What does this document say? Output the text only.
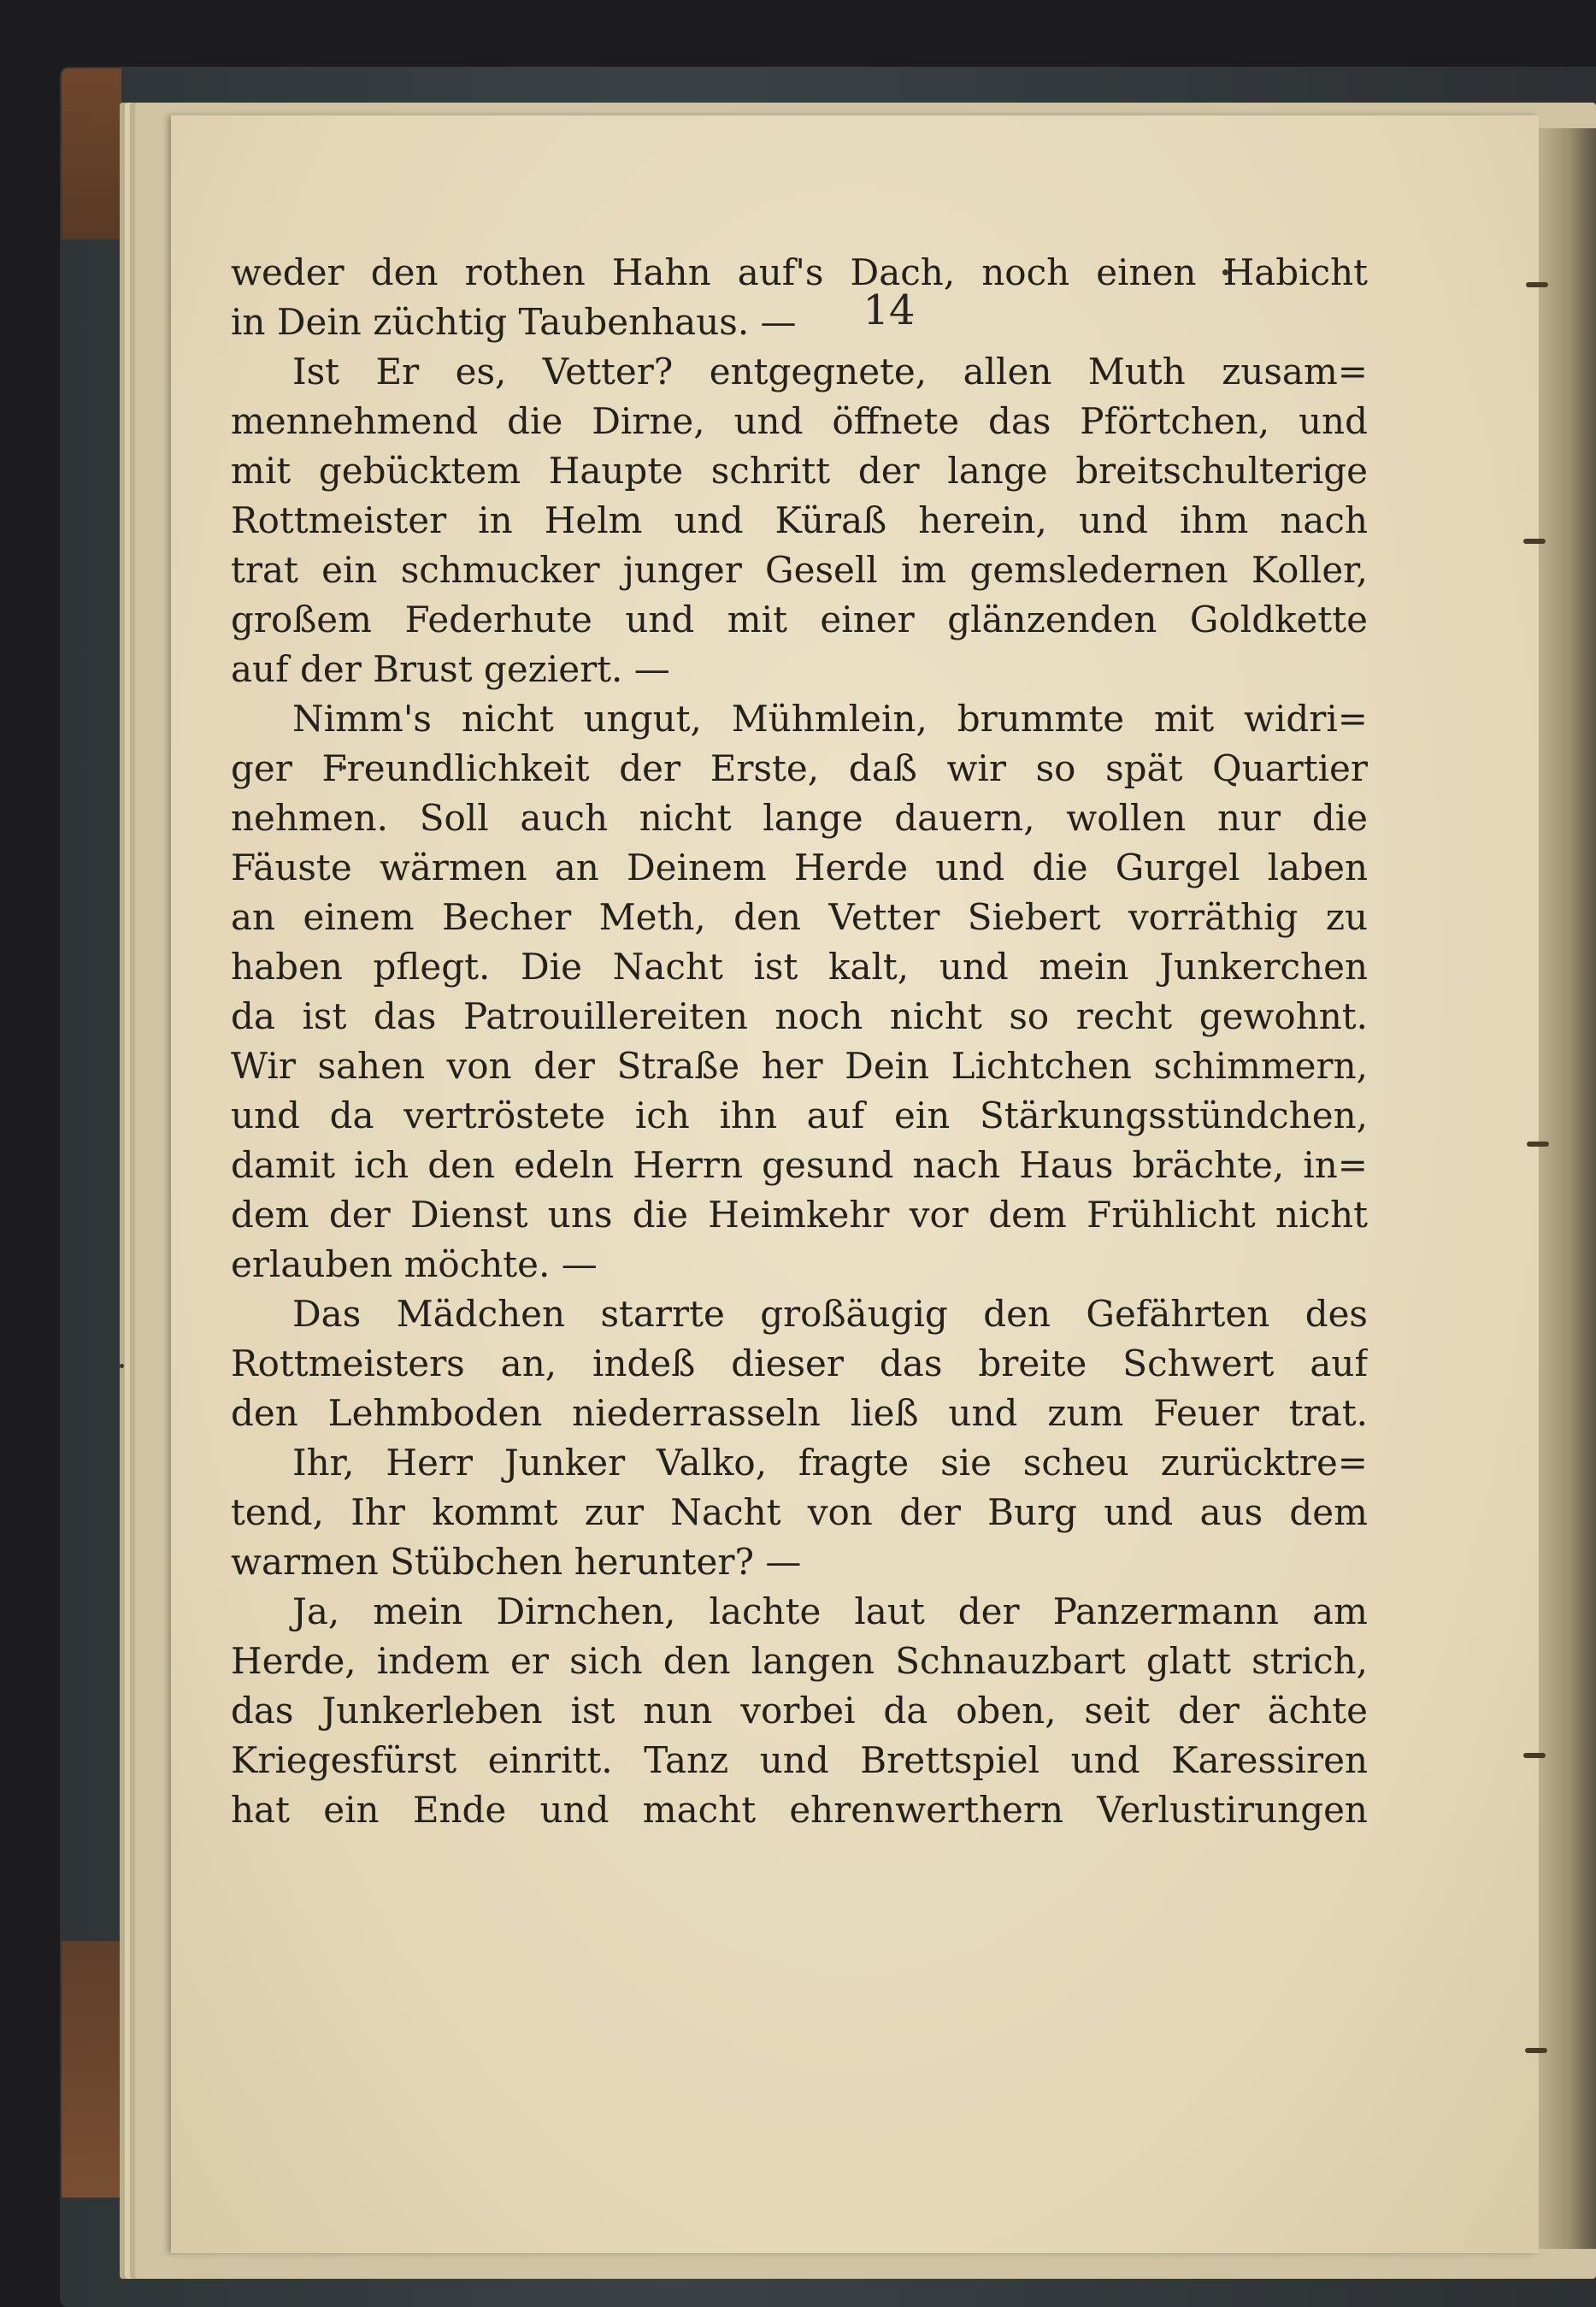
14
weder den rothen Hahn auf's Dach, noch einen Habicht
in Dein züchtig Taubenhaus. —
Ist Er es, Vetter? entgegnete, allen Muth zusam=
mennehmend die Dirne, und öffnete das Pförtchen, und
mit gebücktem Haupte schritt der lange breitschulterige
Rottmeister in Helm und Küraß herein, und ihm nach
trat ein schmucker junger Gesell im gemsledernen Koller,
großem Federhute und mit einer glänzenden Goldkette
auf der Brust geziert. —
Nimm's nicht ungut, Mühmlein, brummte mit widri=
ger Freundlichkeit der Erste, daß wir so spät Quartier
nehmen. Soll auch nicht lange dauern, wollen nur die
Fäuste wärmen an Deinem Herde und die Gurgel laben
an einem Becher Meth, den Vetter Siebert vorräthig zu
haben pflegt. Die Nacht ist kalt, und mein Junkerchen
da ist das Patrouillereiten noch nicht so recht gewohnt.
Wir sahen von der Straße her Dein Lichtchen schimmern,
und da vertröstete ich ihn auf ein Stärkungsstündchen,
damit ich den edeln Herrn gesund nach Haus brächte, in=
dem der Dienst uns die Heimkehr vor dem Frühlicht nicht
erlauben möchte. —
Das Mädchen starrte großäugig den Gefährten des
Rottmeisters an, indeß dieser das breite Schwert auf
den Lehmboden niederrasseln ließ und zum Feuer trat.
Ihr, Herr Junker Valko, fragte sie scheu zurücktre=
tend, Ihr kommt zur Nacht von der Burg und aus dem
warmen Stübchen herunter? —
Ja, mein Dirnchen, lachte laut der Panzermann am
Herde, indem er sich den langen Schnauzbart glatt strich,
das Junkerleben ist nun vorbei da oben, seit der ächte
Kriegesfürst einritt. Tanz und Brettspiel und Karessiren
hat ein Ende und macht ehrenwerthern Verlustirungen
